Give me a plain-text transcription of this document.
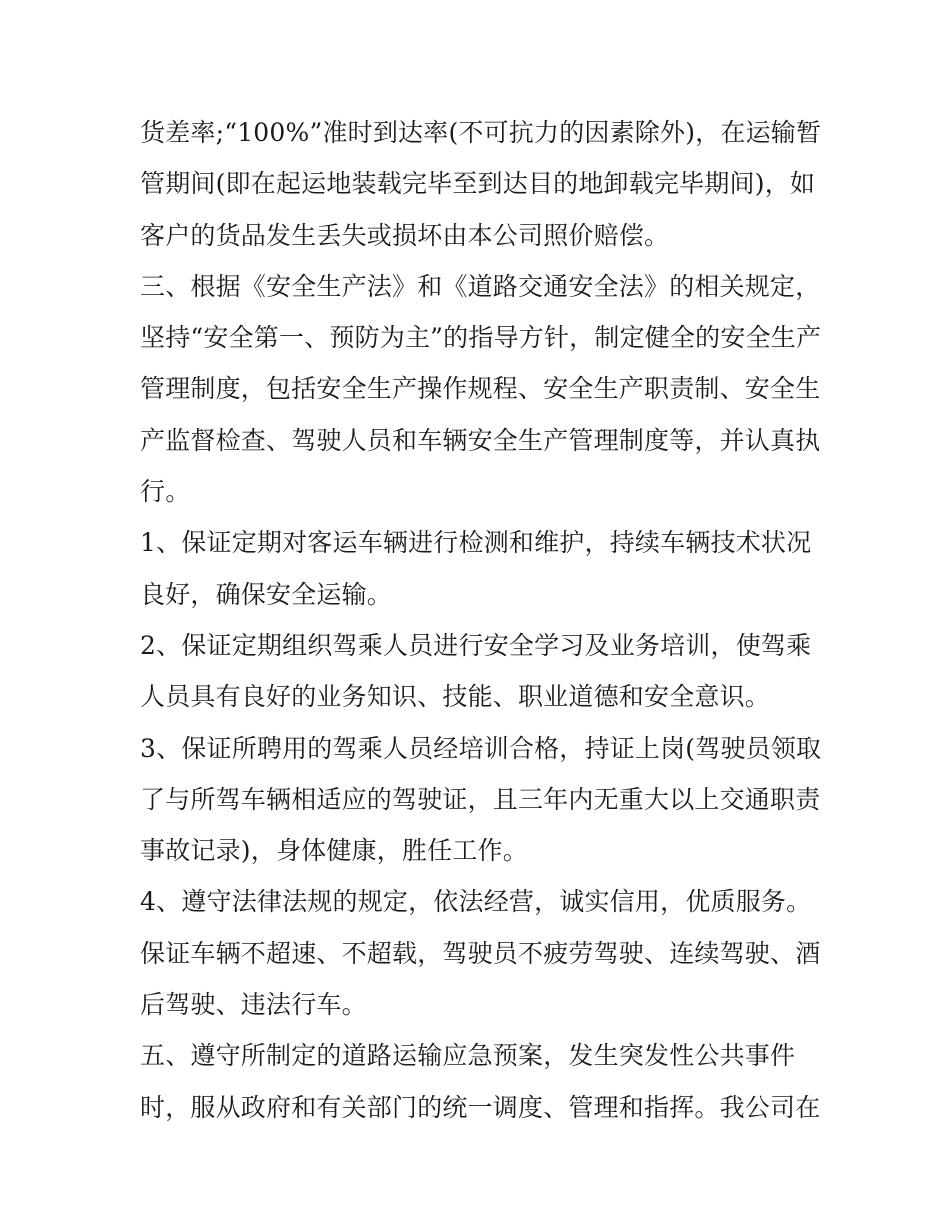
货差率;“100%”准时到达率(不可抗力的因素除外)，在运输暂
管期间(即在起运地装载完毕至到达目的地卸载完毕期间)，如
客户的货品发生丢失或损坏由本公司照价赔偿。
三、根据《安全生产法》和《道路交通安全法》的相关规定，
坚持“安全第一、预防为主”的指导方针，制定健全的安全生产
管理制度，包括安全生产操作规程、安全生产职责制、安全生
产监督检查、驾驶人员和车辆安全生产管理制度等，并认真执
行。
1、保证定期对客运车辆进行检测和维护，持续车辆技术状况
良好，确保安全运输。
2、保证定期组织驾乘人员进行安全学习及业务培训，使驾乘
人员具有良好的业务知识、技能、职业道德和安全意识。
3、保证所聘用的驾乘人员经培训合格，持证上岗(驾驶员领取
了与所驾车辆相适应的驾驶证，且三年内无重大以上交通职责
事故记录)，身体健康，胜任工作。
4、遵守法律法规的规定，依法经营，诚实信用，优质服务。
保证车辆不超速、不超载，驾驶员不疲劳驾驶、连续驾驶、酒
后驾驶、违法行车。
五、遵守所制定的道路运输应急预案，发生突发性公共事件
时，服从政府和有关部门的统一调度、管理和指挥。我公司在
